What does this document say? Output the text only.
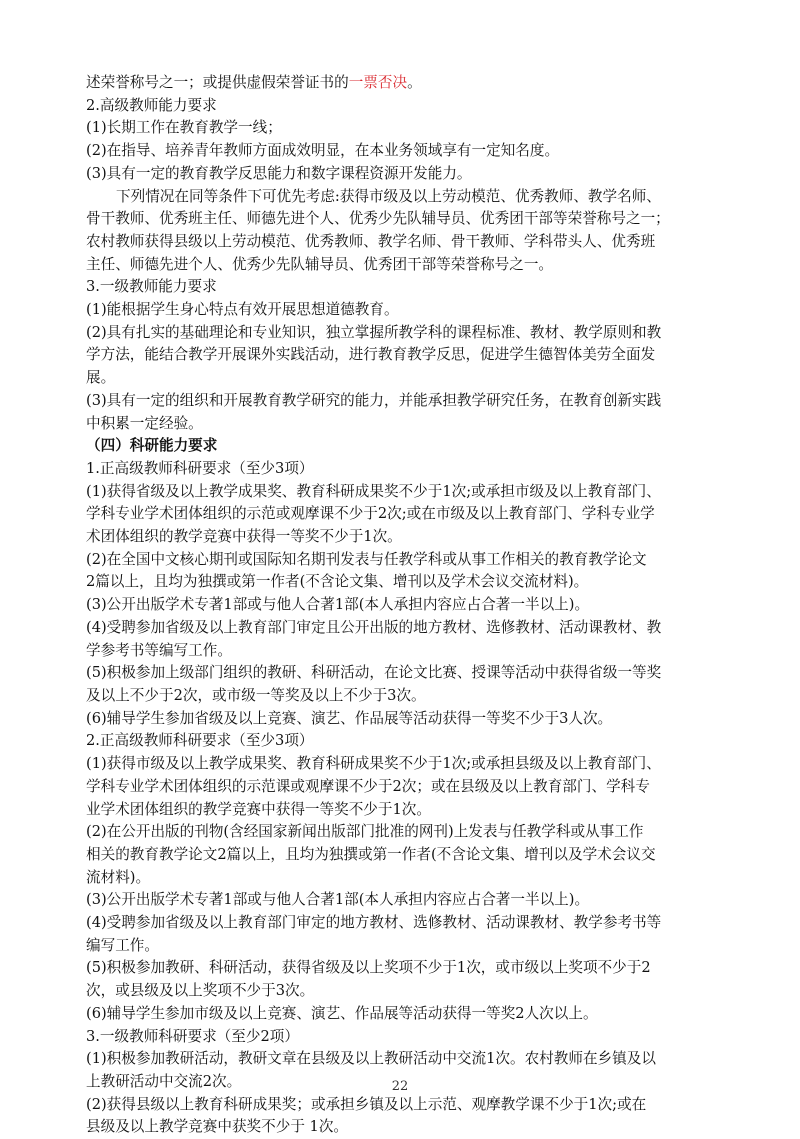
述荣誉称号之一；或提供虚假荣誉证书的一票否决。
2.高级教师能力要求
(1)长期工作在教育教学一线；
(2)在指导、培养青年教师方面成效明显，在本业务领域享有一定知名度。
(3)具有一定的教育教学反思能力和数字课程资源开发能力。
下列情况在同等条件下可优先考虑:获得市级及以上劳动模范、优秀教师、教学名师、
骨干教师、优秀班主任、师德先进个人、优秀少先队辅导员、优秀团干部等荣誉称号之一；
农村教师获得县级以上劳动模范、优秀教师、教学名师、骨干教师、学科带头人、优秀班
主任、师德先进个人、优秀少先队辅导员、优秀团干部等荣誉称号之一。
3.一级教师能力要求
(1)能根据学生身心特点有效开展思想道德教育。
(2)具有扎实的基础理论和专业知识，独立掌握所教学科的课程标准、教材、教学原则和教
学方法，能结合教学开展课外实践活动，进行教育教学反思，促进学生德智体美劳全面发
展。
(3)具有一定的组织和开展教育教学研究的能力，并能承担教学研究任务，在教育创新实践
中积累一定经验。
（四）科研能力要求
1.正高级教师科研要求（至少3项）
(1)获得省级及以上教学成果奖、教育科研成果奖不少于1次;或承担市级及以上教育部门、
学科专业学术团体组织的示范或观摩课不少于2次;或在市级及以上教育部门、学科专业学
术团体组织的教学竞赛中获得一等奖不少于1次。
(2)在全国中文核心期刊或国际知名期刊发表与任教学科或从事工作相关的教育教学论文
2篇以上，且均为独撰或第一作者(不含论文集、增刊以及学术会议交流材料)。
(3)公开出版学术专著1部或与他人合著1部(本人承担内容应占合著一半以上)。
(4)受聘参加省级及以上教育部门审定且公开出版的地方教材、选修教材、活动课教材、教
学参考书等编写工作。
(5)积极参加上级部门组织的教研、科研活动，在论文比赛、授课等活动中获得省级一等奖
及以上不少于2次，或市级一等奖及以上不少于3次。
(6)辅导学生参加省级及以上竞赛、演艺、作品展等活动获得一等奖不少于3人次。
2.正高级教师科研要求（至少3项）
(1)获得市级及以上教学成果奖、教育科研成果奖不少于1次;或承担县级及以上教育部门、
学科专业学术团体组织的示范课或观摩课不少于2次；或在县级及以上教育部门、学科专
业学术团体组织的教学竞赛中获得一等奖不少于1次。
(2)在公开出版的刊物(含经国家新闻出版部门批准的网刊)上发表与任教学科或从事工作
相关的教育教学论文2篇以上，且均为独撰或第一作者(不含论文集、增刊以及学术会议交
流材料)。
(3)公开出版学术专著1部或与他人合著1部(本人承担内容应占合著一半以上)。
(4)受聘参加省级及以上教育部门审定的地方教材、选修教材、活动课教材、教学参考书等
编写工作。
(5)积极参加教研、科研活动，获得省级及以上奖项不少于1次，或市级以上奖项不少于2
次，或县级及以上奖项不少于3次。
(6)辅导学生参加市级及以上竞赛、演艺、作品展等活动获得一等奖2人次以上。
3.一级教师科研要求（至少2项）
(1)积极参加教研活动，教研文章在县级及以上教研活动中交流1次。农村教师在乡镇及以
上教研活动中交流2次。
(2)获得县级以上教育科研成果奖；或承担乡镇及以上示范、观摩教学课不少于1次;或在
县级及以上教学竞赛中获奖不少于 1次。
22
